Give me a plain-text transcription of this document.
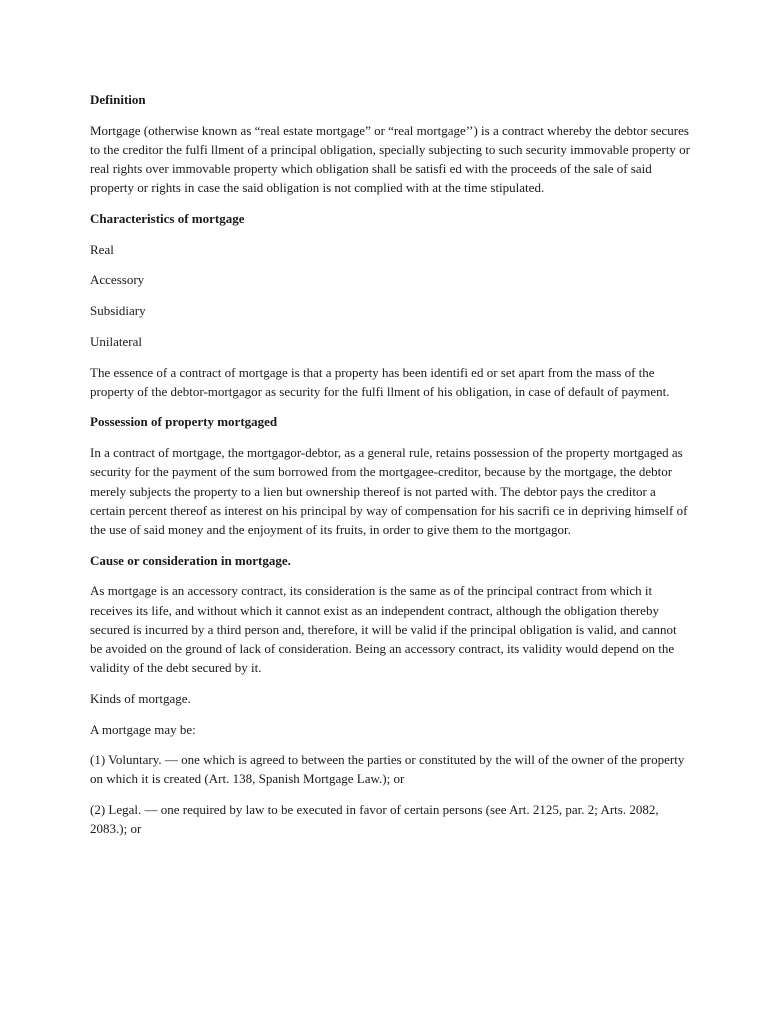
Definition

Mortgage (otherwise known as “real estate mortgage” or “real mortgage’’) is a contract whereby the debtor secures to the creditor the fulfi llment of a principal obligation, specially subjecting to such security immovable property or real rights over immovable property which obligation shall be satisfi ed with the proceeds of the sale of said property or rights in case the said obligation is not complied with at the time stipulated.

Characteristics of mortgage
Real
Accessory
Subsidiary
Unilateral

The essence of a contract of mortgage is that a property has been identifi ed or set apart from the mass of the property of the debtor-mortgagor as security for the fulfi llment of his obligation, in case of default of payment.

Possession of property mortgaged

In a contract of mortgage, the mortgagor-debtor, as a general rule, retains possession of the property mortgaged as security for the payment of the sum borrowed from the mortgagee-creditor, because by the mortgage, the debtor merely subjects the property to a lien but ownership thereof is not parted with. The debtor pays the creditor a certain percent thereof as interest on his principal by way of compensation for his sacrifi ce in depriving himself of the use of said money and the enjoyment of its fruits, in order to give them to the mortgagor.

Cause or consideration in mortgage.

As mortgage is an accessory contract, its consideration is the same as of the principal contract from which it receives its life, and without which it cannot exist as an independent contract, although the obligation thereby secured is incurred by a third person and, therefore, it will be valid if the principal obligation is valid, and cannot be avoided on the ground of lack of consideration. Being an accessory contract, its validity would depend on the validity of the debt secured by it.

Kinds of mortgage.

A mortgage may be:

(1) Voluntary. — one which is agreed to between the parties or constituted by the will of the owner of the property on which it is created (Art. 138, Spanish Mortgage Law.); or

(2) Legal. — one required by law to be executed in favor of certain persons (see Art. 2125, par. 2; Arts. 2082, 2083.); or
